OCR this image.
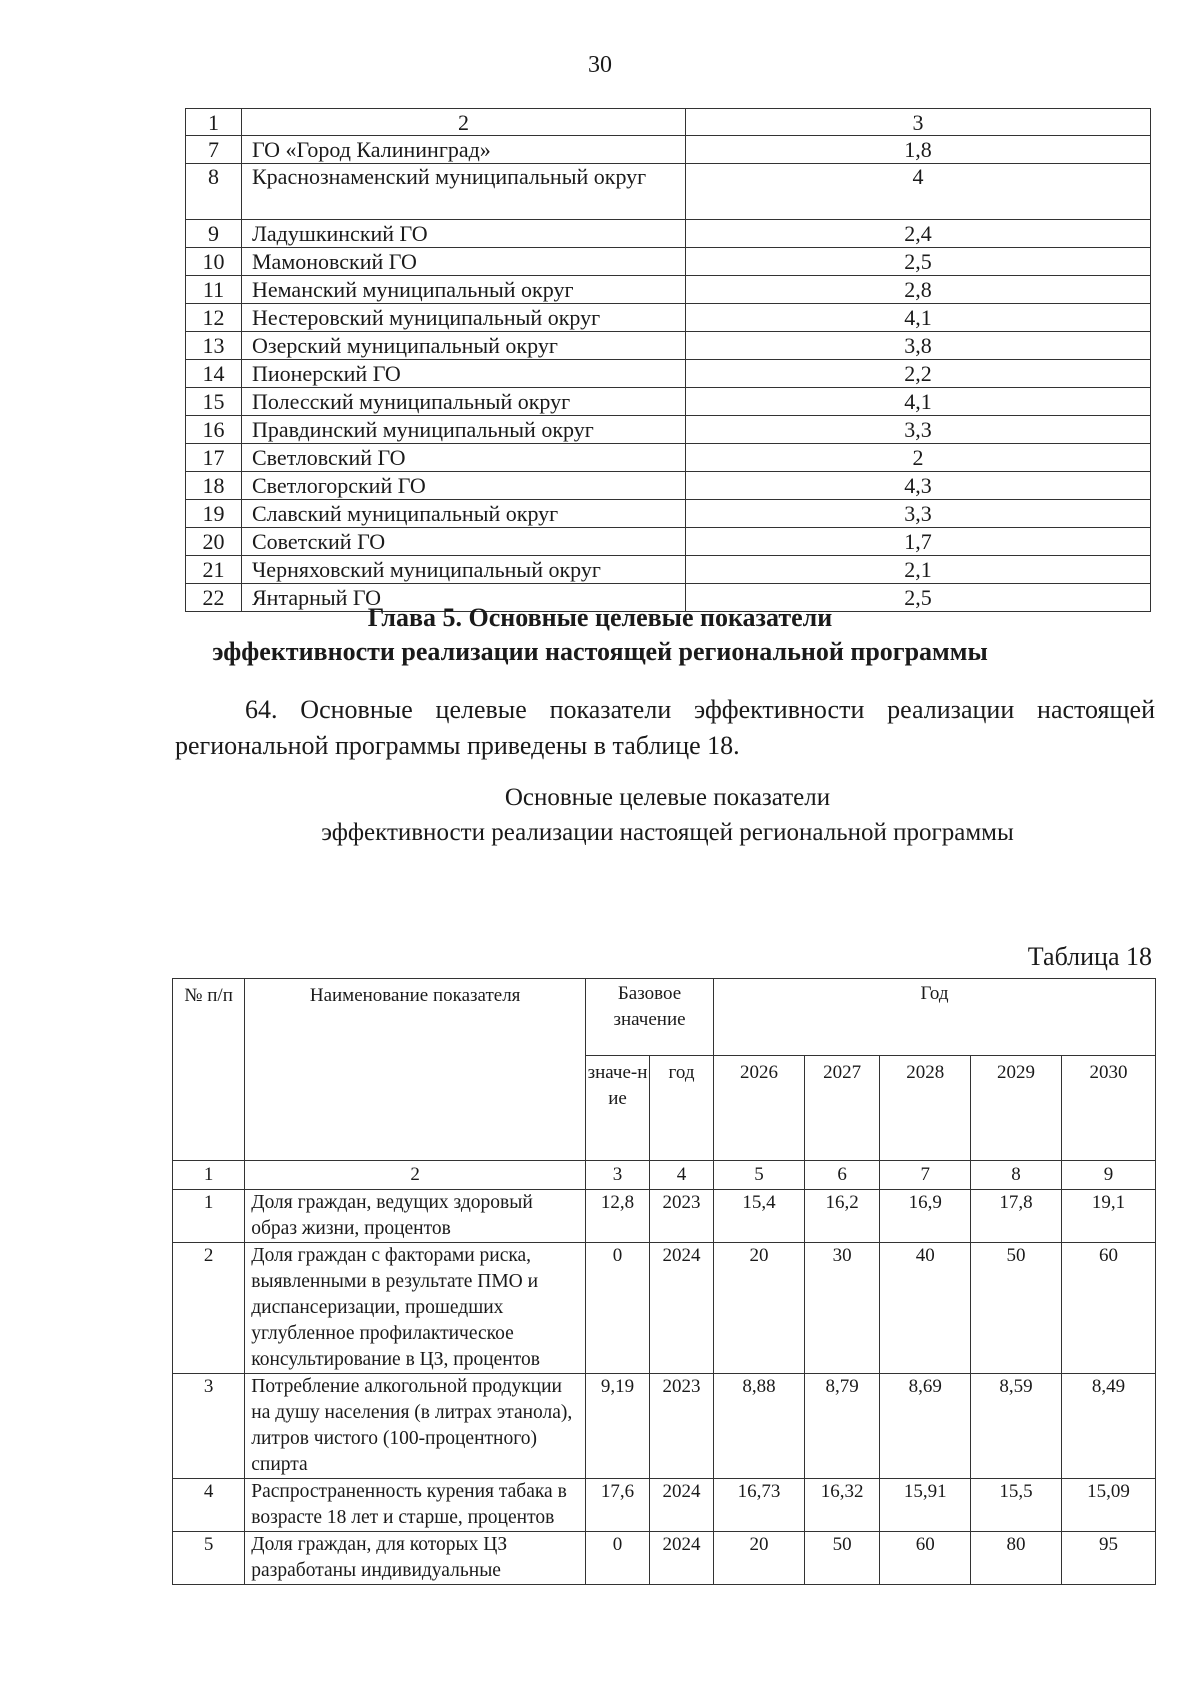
30
1	2	3
7	ГО «Город Калининград»	1,8
8	Краснознаменский муниципальный округ	4
9	Ладушкинский ГО	2,4
10	Мамоновский ГО	2,5
11	Неманский муниципальный округ	2,8
12	Нестеровский муниципальный округ	4,1
13	Озерский муниципальный округ	3,8
14	Пионерский ГО	2,2
15	Полесский муниципальный округ	4,1
16	Правдинский муниципальный округ	3,3
17	Светловский ГО	2
18	Светлогорский ГО	4,3
19	Славский муниципальный округ	3,3
20	Советский ГО	1,7
21	Черняховский муниципальный округ	2,1
22	Янтарный ГО	2,5
Глава 5. Основные целевые показатели
эффективности реализации настоящей региональной программы
64. Основные целевые показатели эффективности реализации настоящей региональной программы приведены в таблице 18.
Основные целевые показатели
эффективности реализации настоящей региональной программы
Таблица 18
№ п/п	Наименование показателя	Базовое значение		Год				
		значе-ние	год	2026	2027	2028	2029	2030
1	2	3	4	5	6	7	8	9
1	Доля граждан, ведущих здоровый образ жизни, процентов	12,8	2023	15,4	16,2	16,9	17,8	19,1
2	Доля граждан с факторами риска, выявленными в результате ПМО и диспансеризации, прошедших углубленное профилактическое консультирование в ЦЗ, процентов	0	2024	20	30	40	50	60
3	Потребление алкогольной продукции на душу населения (в литрах этанола), литров чистого (100-процентного) спирта	9,19	2023	8,88	8,79	8,69	8,59	8,49
4	Распространенность курения табака в возрасте 18 лет и старше, процентов	17,6	2024	16,73	16,32	15,91	15,5	15,09
5	Доля граждан, для которых ЦЗ разработаны индивидуальные	0	2024	20	50	60	80	95
